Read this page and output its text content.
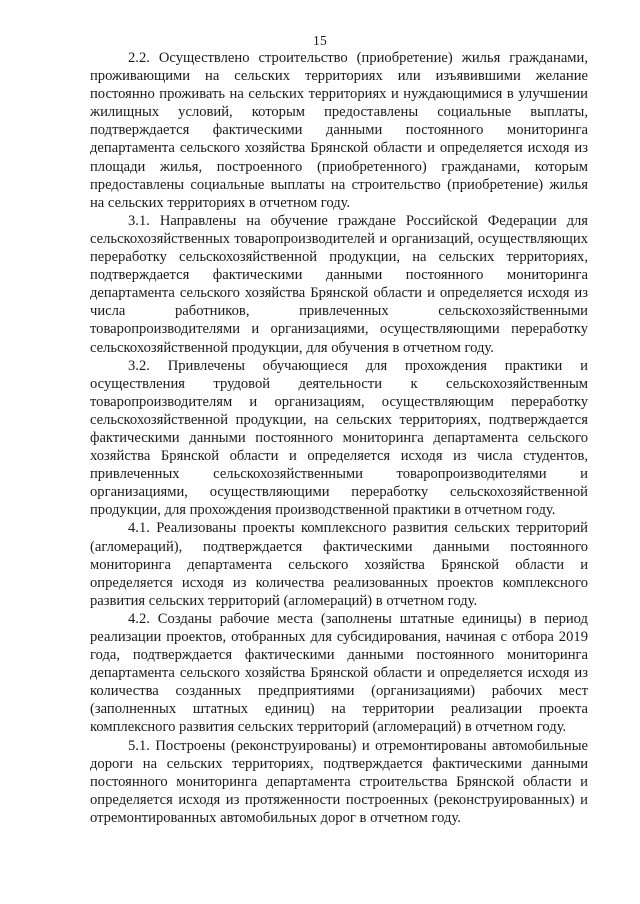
15

2.2. Осуществлено строительство (приобретение) жилья гражданами, проживающими на сельских территориях или изъявившими желание постоянно проживать на сельских территориях и нуждающимися в улучшении жилищных условий, которым предоставлены социальные выплаты, подтверждается фактическими данными постоянного мониторинга департамента сельского хозяйства Брянской области и определяется исходя из площади жилья, построенного (приобретенного) гражданами, которым предоставлены социальные выплаты на строительство (приобретение) жилья на сельских территориях в отчетном году.

3.1. Направлены на обучение граждане Российской Федерации для сельскохозяйственных товаропроизводителей и организаций, осуществляющих переработку сельскохозяйственной продукции, на сельских территориях, подтверждается фактическими данными постоянного мониторинга департамента сельского хозяйства Брянской области и определяется исходя из числа работников, привлеченных сельскохозяйственными товаропроизводителями и организациями, осуществляющими переработку сельскохозяйственной продукции, для обучения в отчетном году.

3.2. Привлечены обучающиеся для прохождения практики и осуществления трудовой деятельности к сельскохозяйственным товаропроизводителям и организациям, осуществляющим переработку сельскохозяйственной продукции, на сельских территориях, подтверждается фактическими данными постоянного мониторинга департамента сельского хозяйства Брянской области и определяется исходя из числа студентов, привлеченных сельскохозяйственными товаропроизводителями и организациями, осуществляющими переработку сельскохозяйственной продукции, для прохождения производственной практики в отчетном году.

4.1. Реализованы проекты комплексного развития сельских территорий (агломераций), подтверждается фактическими данными постоянного мониторинга департамента сельского хозяйства Брянской области и определяется исходя из количества реализованных проектов комплексного развития сельских территорий (агломераций) в отчетном году.

4.2. Созданы рабочие места (заполнены штатные единицы) в период реализации проектов, отобранных для субсидирования, начиная с отбора 2019 года, подтверждается фактическими данными постоянного мониторинга департамента сельского хозяйства Брянской области и определяется исходя из количества созданных предприятиями (организациями) рабочих мест (заполненных штатных единиц) на территории реализации проекта комплексного развития сельских территорий (агломераций) в отчетном году.

5.1. Построены (реконструированы) и отремонтированы автомобильные дороги на сельских территориях, подтверждается фактическими данными постоянного мониторинга департамента строительства Брянской области и определяется исходя из протяженности построенных (реконструированных) и отремонтированных автомобильных дорог в отчетном году.
